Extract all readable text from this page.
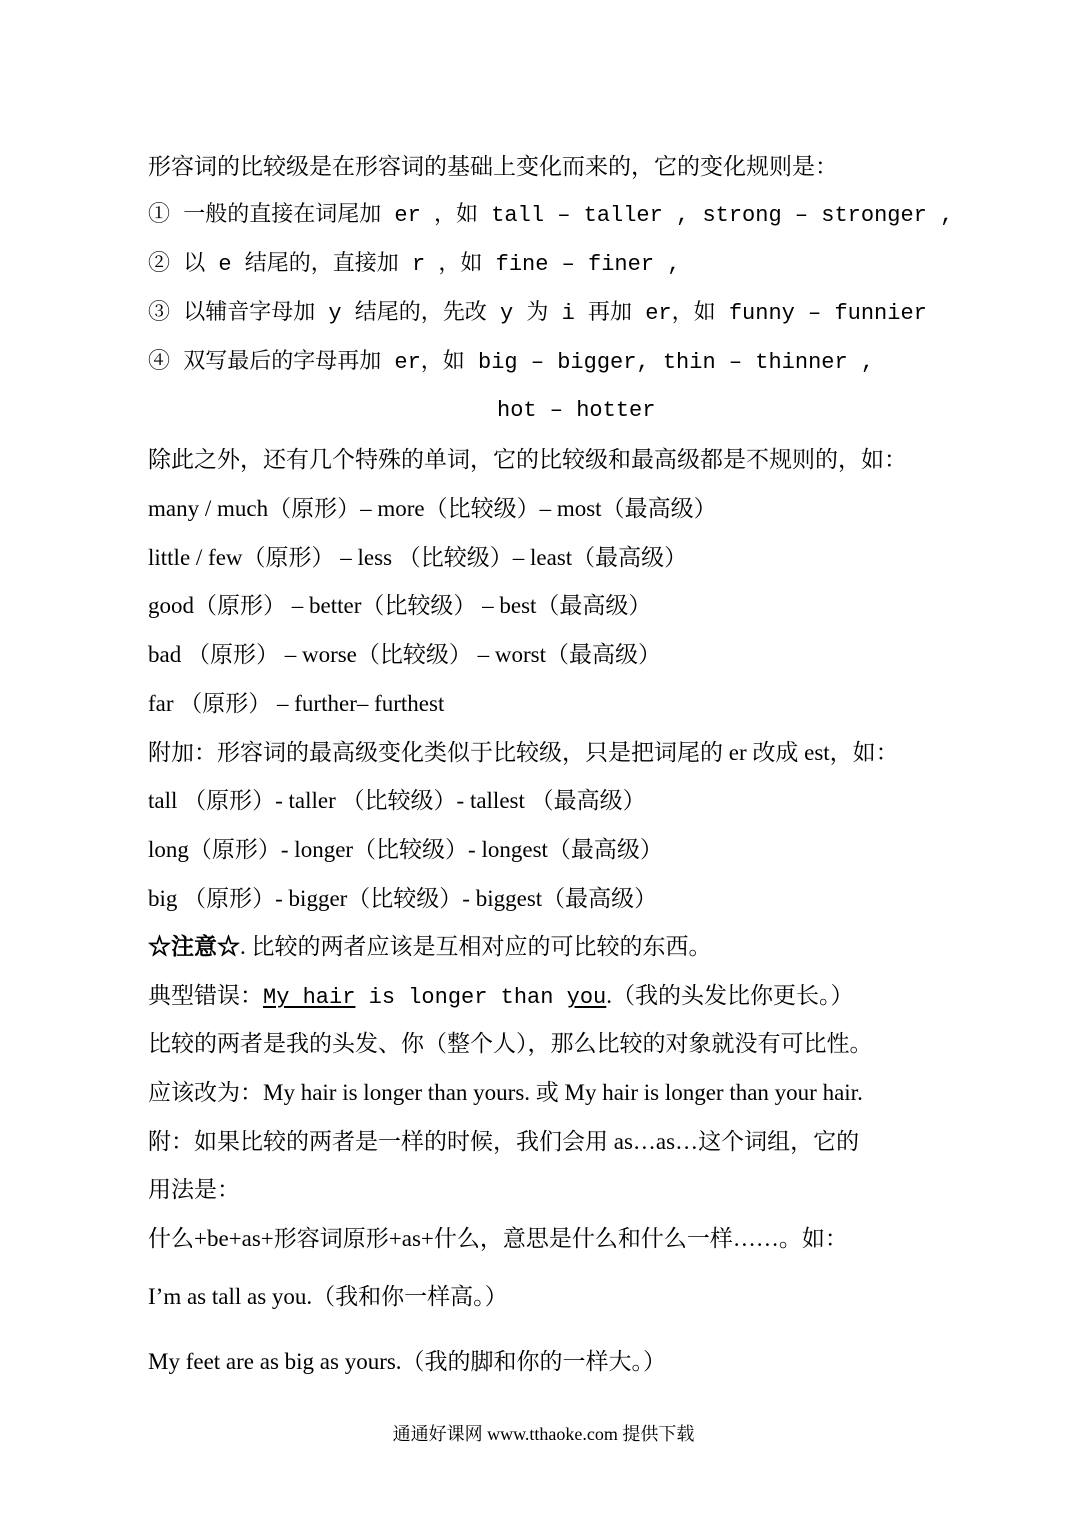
形容词的比较级是在形容词的基础上变化而来的，它的变化规则是：
① 一般的直接在词尾加 er ，如 tall – taller , strong – stronger ,
② 以 e 结尾的，直接加 r ，如 fine – finer ,
③ 以辅音字母加 y 结尾的，先改 y 为 i 再加 er，如 funny – funnier
④ 双写最后的字母再加 er，如 big – bigger, thin – thinner ,
hot – hotter
除此之外，还有几个特殊的单词，它的比较级和最高级都是不规则的，如：
many / much（原形）– more（比较级）– most（最高级）
little / few（原形） – less （比较级）– least（最高级）
good（原形） – better（比较级） – best（最高级）
bad （原形） – worse（比较级） – worst（最高级）
far （原形） – further– furthest
附加：形容词的最高级变化类似于比较级，只是把词尾的 er 改成 est，如：
tall （原形）- taller （比较级）- tallest （最高级）
long（原形）- longer（比较级）- longest（最高级）
big （原形）- bigger（比较级）- biggest（最高级）
☆注意☆. 比较的两者应该是互相对应的可比较的东西。
典型错误：My hair is longer than you.（我的头发比你更长。）
比较的两者是我的头发、你（整个人），那么比较的对象就没有可比性。
应该改为：My hair is longer than yours. 或 My hair is longer than your hair.
附：如果比较的两者是一样的时候，我们会用 as…as…这个词组，它的
用法是：
什么+be+as+形容词原形+as+什么，意思是什么和什么一样……。如：
I’m as tall as you.（我和你一样高。）
My feet are as big as yours.（我的脚和你的一样大。）
通通好课网 www.tthaoke.com 提供下载
